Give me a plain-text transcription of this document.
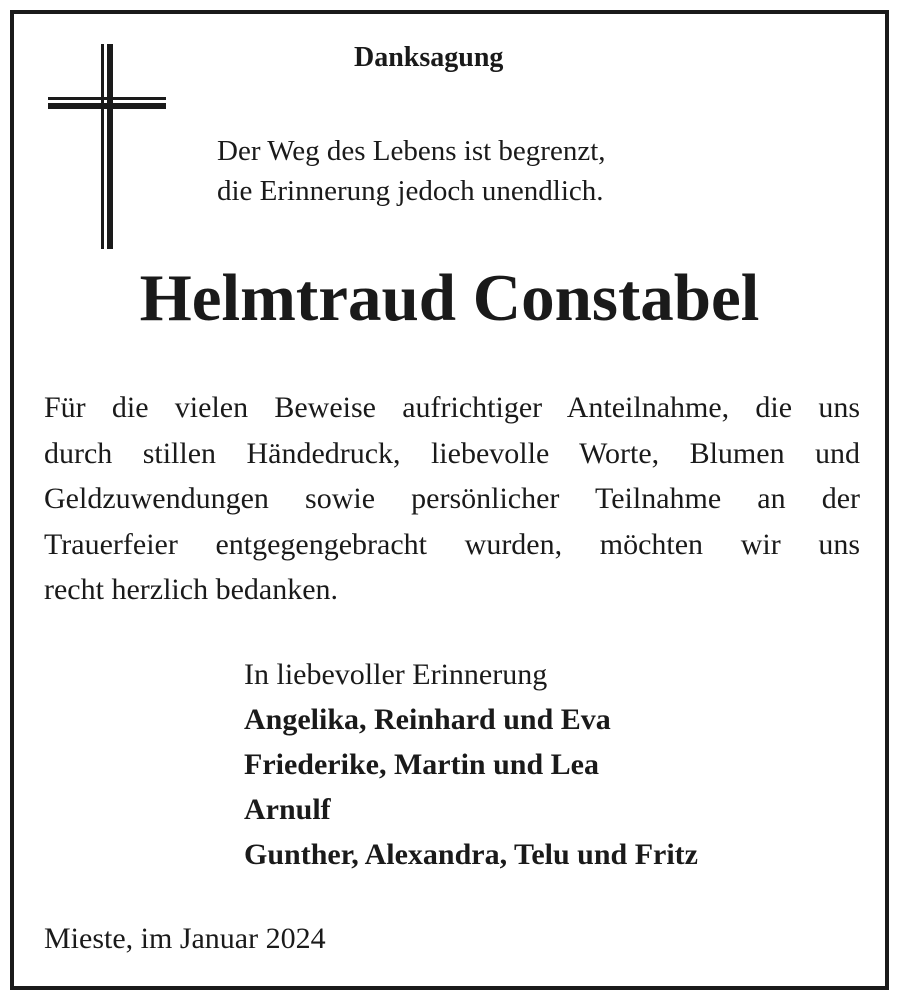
Danksagung
Der Weg des Lebens ist begrenzt,
die Erinnerung jedoch unendlich.
Helmtraud Constabel
Für die vielen Beweise aufrichtiger Anteilnahme, die uns
durch stillen Händedruck, liebevolle Worte, Blumen und
Geldzuwendungen sowie persönlicher Teilnahme an der
Trauerfeier entgegengebracht wurden, möchten wir uns
recht herzlich bedanken.
In liebevoller Erinnerung
Angelika, Reinhard und Eva
Friederike, Martin und Lea
Arnulf
Gunther, Alexandra, Telu und Fritz
Mieste, im Januar 2024
